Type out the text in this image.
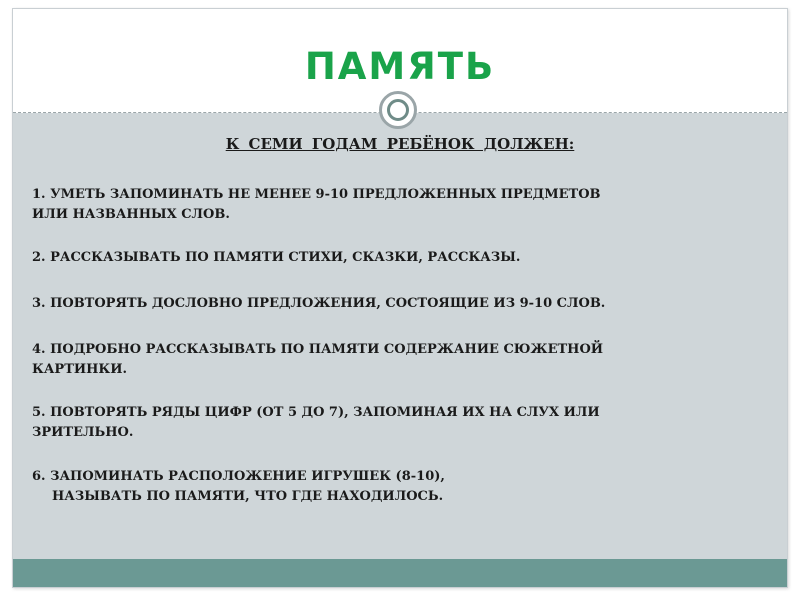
ПАМЯТЬ
К СЕМИ ГОДАМ РЕБЁНОК ДОЛЖЕН:
1. УМЕТЬ ЗАПОМИНАТЬ НЕ МЕНЕЕ 9-10 ПРЕДЛОЖЕННЫХ ПРЕДМЕТОВ
ИЛИ НАЗВАННЫХ СЛОВ.
2. РАССКАЗЫВАТЬ ПО ПАМЯТИ СТИХИ, СКАЗКИ, РАССКАЗЫ.
3. ПОВТОРЯТЬ ДОСЛОВНО ПРЕДЛОЖЕНИЯ, СОСТОЯЩИЕ ИЗ 9-10 СЛОВ.
4. ПОДРОБНО РАССКАЗЫВАТЬ ПО ПАМЯТИ СОДЕРЖАНИЕ СЮЖЕТНОЙ
КАРТИНКИ.
5. ПОВТОРЯТЬ РЯДЫ ЦИФР (ОТ 5 ДО 7), ЗАПОМИНАЯ ИХ НА СЛУХ ИЛИ
ЗРИТЕЛЬНО.
6. ЗАПОМИНАТЬ РАСПОЛОЖЕНИЕ ИГРУШЕК (8-10),
НАЗЫВАТЬ ПО ПАМЯТИ, ЧТО ГДЕ НАХОДИЛОСЬ.
